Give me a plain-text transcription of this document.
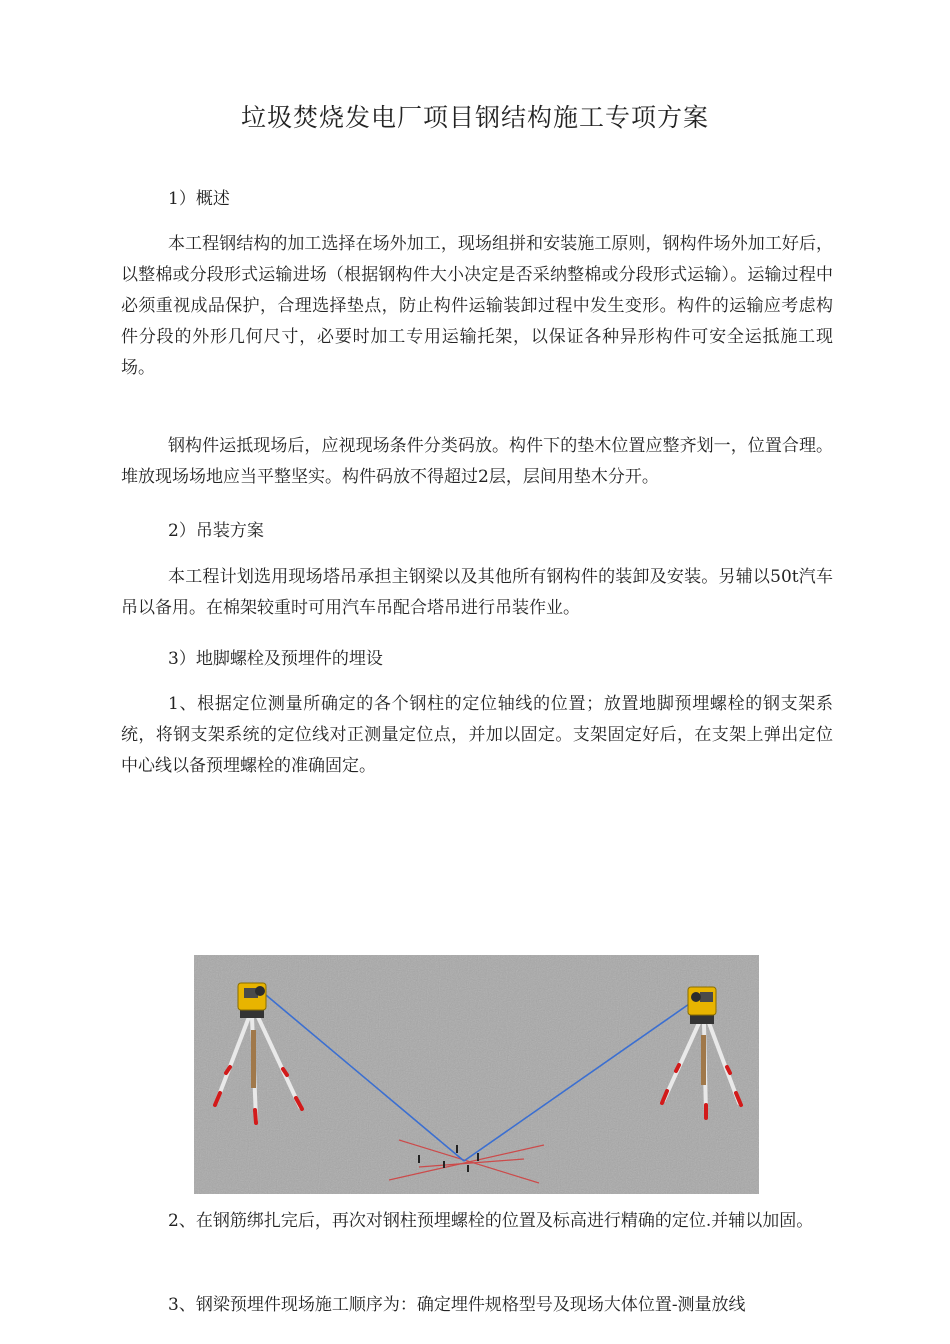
垃圾焚烧发电厂项目钢结构施工专项方案
1）概述
本工程钢结构的加工选择在场外加工，现场组拼和安装施工原则，钢构件场外加工好后，以整棉或分段形式运输进场（根据钢构件大小决定是否采纳整棉或分段形式运输）。运输过程中必须重视成品保护，合理选择垫点，防止构件运输装卸过程中发生变形。构件的运输应考虑构件分段的外形几何尺寸，必要时加工专用运输托架，以保证各种异形构件可安全运抵施工现场。
钢构件运抵现场后，应视现场条件分类码放。构件下的垫木位置应整齐划一，位置合理。堆放现场场地应当平整坚实。构件码放不得超过2层，层间用垫木分开。
2）吊装方案
本工程计划选用现场塔吊承担主钢梁以及其他所有钢构件的装卸及安装。另辅以50t汽车吊以备用。在棉架较重时可用汽车吊配合塔吊进行吊装作业。
3）地脚螺栓及预埋件的埋设
1、根据定位测量所确定的各个钢柱的定位轴线的位置；放置地脚预埋螺栓的钢支架系统，将钢支架系统的定位线对正测量定位点，并加以固定。支架固定好后，在支架上弹出定位中心线以备预埋螺栓的准确固定。
2、在钢筋绑扎完后，再次对钢柱预埋螺栓的位置及标高进行精确的定位.并辅以加固。
3、钢梁预埋件现场施工顺序为：确定埋件规格型号及现场大体位置-测量放线
